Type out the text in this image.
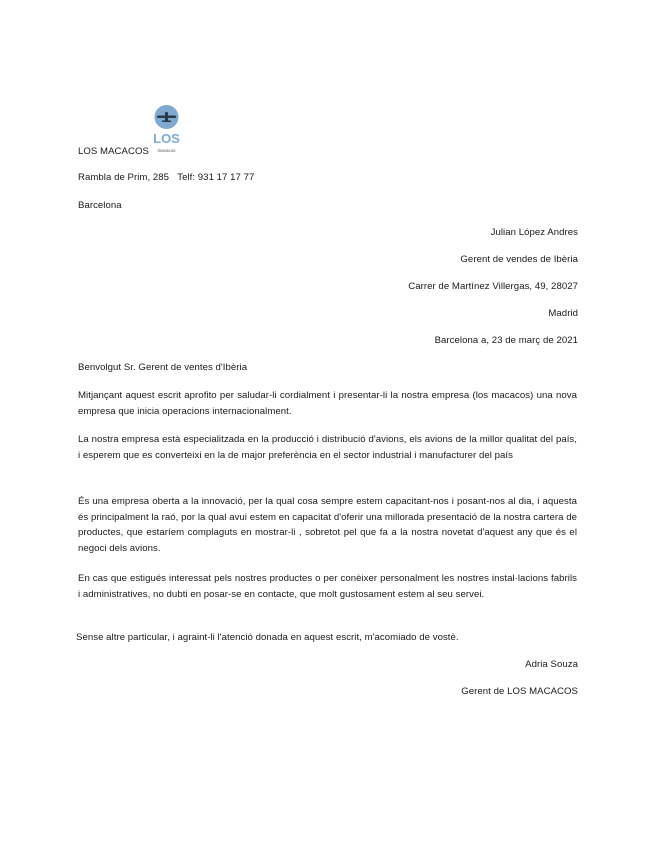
LOS
macacos
LOS MACACOS
Rambla de Prim, 285 Telf: 931 17 17 77
Barcelona
Julian López Andres
Gerent de vendes de Ibèria
Carrer de Martínez Villergas, 49, 28027
Madrid
Barcelona a, 23 de març de 2021
Benvolgut Sr. Gerent de ventes d'Ibèria
Mitjançant aquest escrit aprofito per saludar-li cordialment i presentar-li la nostra empresa (los macacos) una nova empresa que inicia operacions internacionalment.
La nostra empresa està especialitzada en la producció i distribució d'avions, els avions de la millor qualitat del país, i esperem que es converteixi en la de major preferència en el sector industrial i manufacturer del país
És una empresa oberta a la innovació, per la qual cosa sempre estem capacitant-nos i posant-nos al dia, i aquesta és principalment la raó, por la qual avui estem en capacitat d'oferir una millorada presentació de la nostra cartera de productes, que estaríem complaguts en mostrar-li , sobretot pel que fa a la nostra novetat d'aquest any que és el negoci dels avions.
En cas que estigués interessat pels nostres productes o per conèixer personalment les nostres instal·lacions fabrils i administratives, no dubti en posar-se en contacte, que molt gustosament estem al seu servei.
Sense altre particular, i agraint-li l'atenció donada en aquest escrit, m'acomiado de vostè.
Adria Souza
Gerent de LOS MACACOS
